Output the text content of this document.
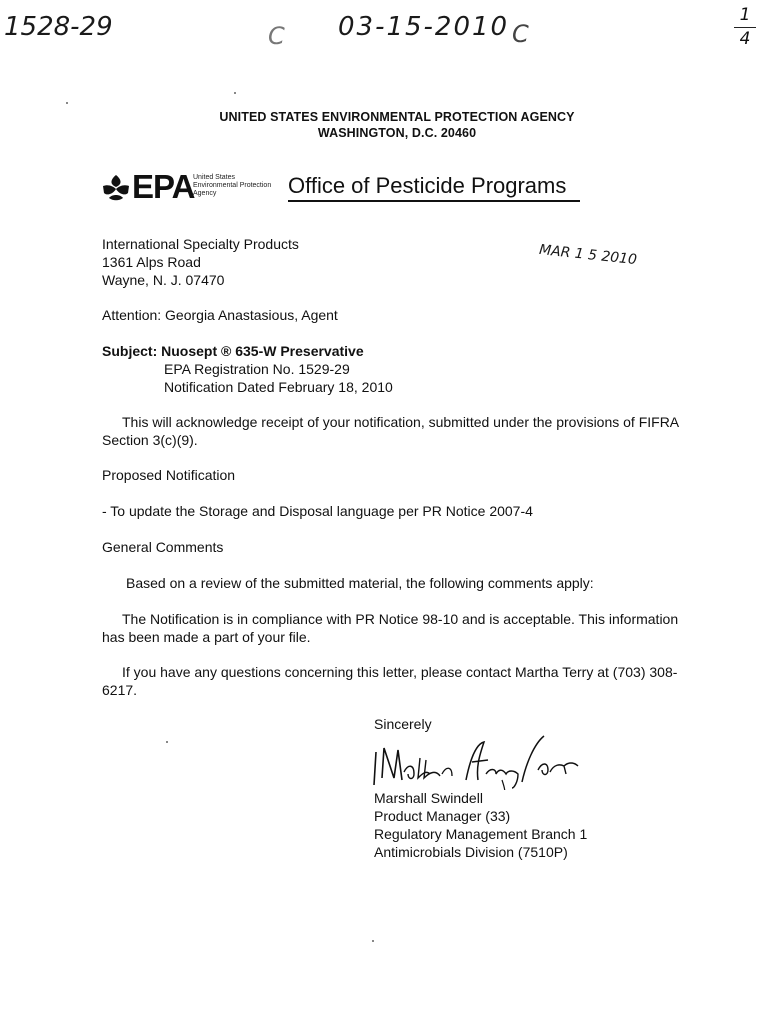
1528-29	C 03-15-2010 C
1
4
UNITED STATES ENVIRONMENTAL PROTECTION AGENCY
WASHINGTON, D.C. 20460
EPA
United States
Environmental Protection
Agency	Office of Pesticide Programs
MAR 1 5 2010
International Specialty Products
1361 Alps Road
Wayne, N. J. 07470
Attention: Georgia Anastasious, Agent
Subject: Nuosept ® 635-W Preservative
EPA Registration No. 1529-29
Notification Dated February 18, 2010
This will acknowledge receipt of your notification, submitted under the provisions of FIFRA Section 3(c)(9).
Proposed Notification
- To update the Storage and Disposal language per PR Notice 2007-4
General Comments
Based on a review of the submitted material, the following comments apply:
The Notification is in compliance with PR Notice 98-10 and is acceptable. This information has been made a part of your file.
If you have any questions concerning this letter, please contact Martha Terry at (703) 308-6217.
Sincerely
Marshall Swindell
Product Manager (33)
Regulatory Management Branch 1
Antimicrobials Division (7510P)
